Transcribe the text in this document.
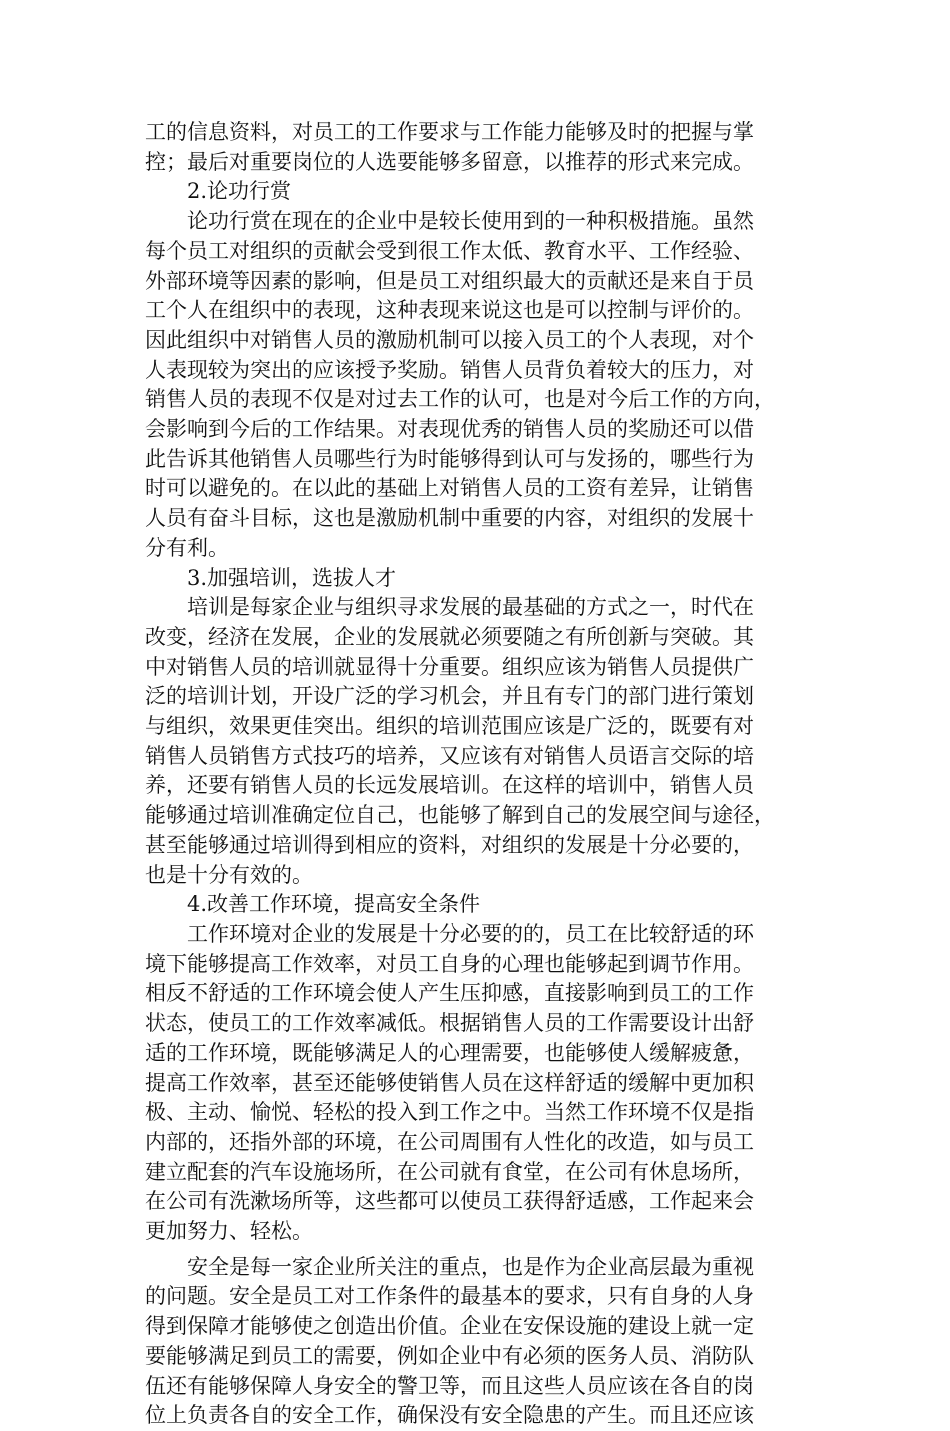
工的信息资料，对员工的工作要求与工作能力能够及时的把握与掌
控；最后对重要岗位的人选要能够多留意，以推荐的形式来完成。
2.论功行赏
论功行赏在现在的企业中是较长使用到的一种积极措施。虽然
每个员工对组织的贡献会受到很工作太低、教育水平、工作经验、
外部环境等因素的影响，但是员工对组织最大的贡献还是来自于员
工个人在组织中的表现，这种表现来说这也是可以控制与评价的。
因此组织中对销售人员的激励机制可以接入员工的个人表现，对个
人表现较为突出的应该授予奖励。销售人员背负着较大的压力，对
销售人员的表现不仅是对过去工作的认可，也是对今后工作的方向，
会影响到今后的工作结果。对表现优秀的销售人员的奖励还可以借
此告诉其他销售人员哪些行为时能够得到认可与发扬的，哪些行为
时可以避免的。在以此的基础上对销售人员的工资有差异，让销售
人员有奋斗目标，这也是激励机制中重要的内容，对组织的发展十
分有利。
3.加强培训，选拔人才
培训是每家企业与组织寻求发展的最基础的方式之一，时代在
改变，经济在发展，企业的发展就必须要随之有所创新与突破。其
中对销售人员的培训就显得十分重要。组织应该为销售人员提供广
泛的培训计划，开设广泛的学习机会，并且有专门的部门进行策划
与组织，效果更佳突出。组织的培训范围应该是广泛的，既要有对
销售人员销售方式技巧的培养，又应该有对销售人员语言交际的培
养，还要有销售人员的长远发展培训。在这样的培训中，销售人员
能够通过培训准确定位自己，也能够了解到自己的发展空间与途径，
甚至能够通过培训得到相应的资料，对组织的发展是十分必要的，
也是十分有效的。
4.改善工作环境，提高安全条件
工作环境对企业的发展是十分必要的的，员工在比较舒适的环
境下能够提高工作效率，对员工自身的心理也能够起到调节作用。
相反不舒适的工作环境会使人产生压抑感，直接影响到员工的工作
状态，使员工的工作效率减低。根据销售人员的工作需要设计出舒
适的工作环境，既能够满足人的心理需要，也能够使人缓解疲惫，
提高工作效率，甚至还能够使销售人员在这样舒适的缓解中更加积
极、主动、愉悦、轻松的投入到工作之中。当然工作环境不仅是指
内部的，还指外部的环境，在公司周围有人性化的改造，如与员工
建立配套的汽车设施场所，在公司就有食堂，在公司有休息场所，
在公司有洗漱场所等，这些都可以使员工获得舒适感，工作起来会
更加努力、轻松。
安全是每一家企业所关注的重点，也是作为企业高层最为重视
的问题。安全是员工对工作条件的最基本的要求，只有自身的人身
得到保障才能够使之创造出价值。企业在安保设施的建设上就一定
要能够满足到员工的需要，例如企业中有必须的医务人员、消防队
伍还有能够保障人身安全的警卫等，而且这些人员应该在各自的岗
位上负责各自的安全工作，确保没有安全隐患的产生。而且还应该
